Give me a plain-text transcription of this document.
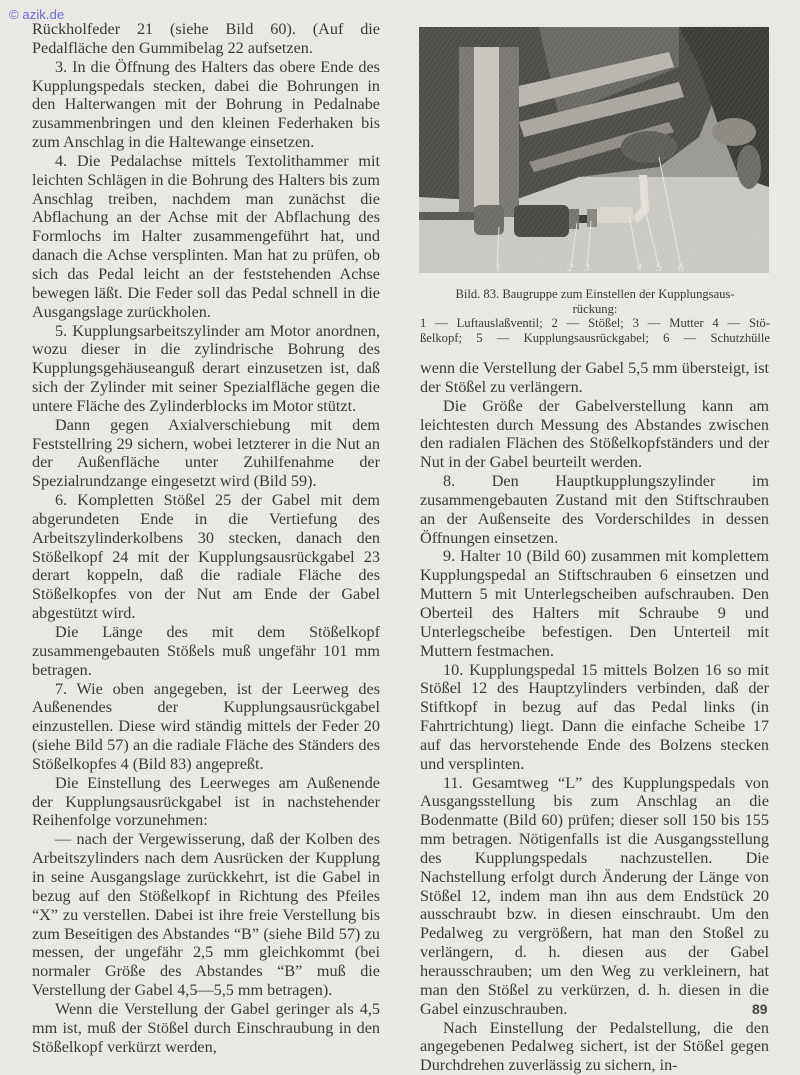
© azik.de

Rückholfeder 21 (siehe Bild 60). (Auf die Pedalfläche den Gummibelag 22 aufsetzen.

3. In die Öffnung des Halters das obere Ende des Kupplungspedals stecken, dabei die Bohrungen in den Halterwangen mit der Bohrung in Pedalnabe zusammenbringen und den kleinen Federhaken bis zum Anschlag in die Haltewange einsetzen.

4. Die Pedalachse mittels Textolithammer mit leichten Schlägen in die Bohrung des Halters bis zum Anschlag treiben, nachdem man zunächst die Abflachung an der Achse mit der Abflachung des Formlochs im Halter zusammengeführt hat, und danach die Achse versplinten. Man hat zu prüfen, ob sich das Pedal leicht an der feststehenden Achse bewegen läßt. Die Feder soll das Pedal schnell in die Ausgangslage zurückholen.

5. Kupplungsarbeitszylinder am Motor anordnen, wozu dieser in die zylindrische Bohrung des Kupplungsgehäuseanguß derart einzusetzen ist, daß sich der Zylinder mit seiner Spezialfläche gegen die untere Fläche des Zylinderblocks im Motor stützt.

Dann gegen Axialverschiebung mit dem Feststellring 29 sichern, wobei letzterer in die Nut an der Außenfläche unter Zuhilfenahme der Spezialrundzange eingesetzt wird (Bild 59).

6. Kompletten Stößel 25 der Gabel mit dem abgerundeten Ende in die Vertiefung des Arbeitszylinderkolbens 30 stecken, danach den Stößelkopf 24 mit der Kupplungsausrückgabel 23 derart koppeln, daß die radiale Fläche des Stößelkopfes von der Nut am Ende der Gabel abgestützt wird.

Die Länge des mit dem Stößelkopf zusammengebauten Stößels muß ungefähr 101 mm betragen.

7. Wie oben angegeben, ist der Leerweg des Außenendes der Kupplungsausrückgabel einzustellen. Diese wird ständig mittels der Feder 20 (siehe Bild 57) an die radiale Fläche des Ständers des Stößelkopfes 4 (Bild 83) angepreßt.

Die Einstellung des Leerweges am Außenende der Kupplungsausrückgabel ist in nachstehender Reihenfolge vorzunehmen:

— nach der Vergewisserung, daß der Kolben des Arbeitszylinders nach dem Ausrücken der Kupplung in seine Ausgangslage zurückkehrt, ist die Gabel in bezug auf den Stößelkopf in Richtung des Pfeiles “X” zu verstellen. Dabei ist ihre freie Verstellung bis zum Beseitigen des Abstandes “B” (siehe Bild 57) zu messen, der ungefähr 2,5 mm gleichkommt (bei normaler Größe des Abstandes “B” muß die Verstellung der Gabel 4,5—5,5 mm betragen).

Wenn die Verstellung der Gabel geringer als 4,5 mm ist, muß der Stößel durch Einschraubung in den Stößelkopf verkürzt werden,

1	2 3	4 5 6
Bild. 83. Baugruppe zum Einstellen der Kupplungsaus-
rückung:
1 — Luftauslaßventil; 2 — Stößel; 3 — Mutter 4 — Stö-
ßelkopf; 5 — Kupplungsausrückgabel; 6 — Schutzhülle

wenn die Verstellung der Gabel 5,5 mm übersteigt, ist der Stößel zu verlängern.

Die Größe der Gabelverstellung kann am leichtesten durch Messung des Abstandes zwischen den radialen Flächen des Stößelkopfständers und der Nut in der Gabel beurteilt werden.

8. Den Hauptkupplungszylinder im zusammengebauten Zustand mit den Stiftschrauben an der Außenseite des Vorderschildes in dessen Öffnungen einsetzen.

9. Halter 10 (Bild 60) zusammen mit komplettem Kupplungspedal an Stiftschrauben 6 einsetzen und Muttern 5 mit Unterlegscheiben aufschrauben. Den Oberteil des Halters mit Schraube 9 und Unterlegscheibe befestigen. Den Unterteil mit Muttern festmachen.

10. Kupplungspedal 15 mittels Bolzen 16 so mit Stößel 12 des Hauptzylinders verbinden, daß der Stiftkopf in bezug auf das Pedal links (in Fahrtrichtung) liegt. Dann die einfache Scheibe 17 auf das hervorstehende Ende des Bolzens stecken und versplinten.

11. Gesamtweg “L” des Kupplungspedals von Ausgangsstellung bis zum Anschlag an die Bodenmatte (Bild 60) prüfen; dieser soll 150 bis 155 mm betragen. Nötigenfalls ist die Ausgangsstellung des Kupplungspedals nachzustellen. Die Nachstellung erfolgt durch Änderung der Länge von Stößel 12, indem man ihn aus dem Endstück 20 ausschraubt bzw. in diesen einschraubt. Um den Pedalweg zu vergrößern, hat man den Stoßel zu verlängern, d. h. diesen aus der Gabel herausschrauben; um den Weg zu verkleinern, hat man den Stößel zu verkürzen, d. h. diesen in die Gabel einzuschrauben.

Nach Einstellung der Pedalstellung, die den angegebenen Pedalweg sichert, ist der Stößel gegen Durchdrehen zuverlässig zu sichern, in-

89
